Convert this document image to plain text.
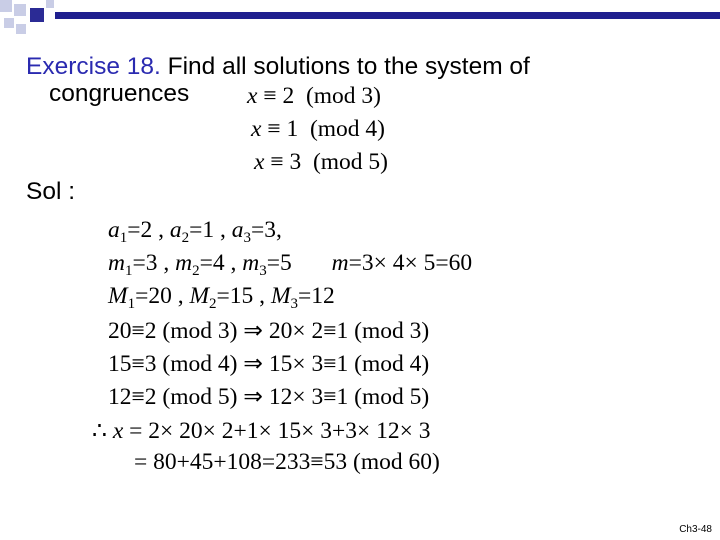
Exercise 18. Find all solutions to the system of
congruences x ≡ 2  (mod 3)
x ≡ 1  (mod 4)
x ≡ 3  (mod 5)
Sol :
$a_1=2$ , $a_2=1$ , $a_3=3$,
$m_1=3$ , $m_2=4$ , $m_3=5$ m=3× 4× 5=60
$M_1=20$ , $M_2=15$ , $M_3=12$
20≡2 (mod 3) ⇒ 20× 2≡1 (mod 3)
15≡3 (mod 4) ⇒ 15× 3≡1 (mod 4)
12≡2 (mod 5) ⇒ 12× 3≡1 (mod 5)
∴ x = 2× 20× 2+1× 15× 3+3× 12× 3
= 80+45+108=233≡53 (mod 60)
Ch3-48
